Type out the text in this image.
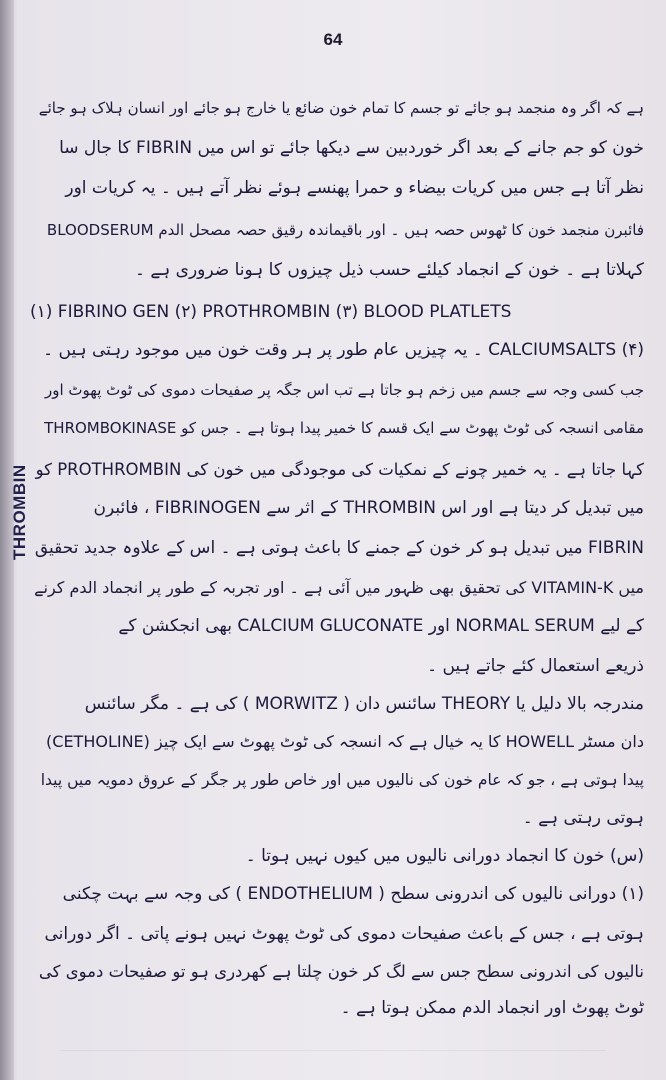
64
THROMBIN
ہے کہ اگر وہ منجمد ہو جائے تو جسم کا تمام خون ضائع یا خارج ہو جائے اور انسان ہلاک ہو جائے
خون کو جم جانے کے بعد اگر خوردبین سے دیکھا جائے تو اس میں FIBRIN کا جال سا
نظر آتا ہے جس میں کریات بیضاء و حمرا پھنسے ہوئے نظر آتے ہیں ۔ یہ کریات اور
فائبرن منجمد خون کا ٹھوس حصہ ہیں ۔ اور باقیماندہ رقیق حصہ مصحل الدم BLOODSERUM
کہلاتا ہے ۔ خون کے انجماد کیلئے حسب ذیل چیزوں کا ہونا ضروری ہے ۔
(۱) FIBRINO GEN (۲) PROTHROMBIN (۳) BLOOD PLATLETS
(۴) CALCIUMSALTS ۔ یہ چیزیں عام طور پر ہر وقت خون میں موجود رہتی ہیں ۔
جب کسی وجہ سے جسم میں زخم ہو جاتا ہے تب اس جگہ پر صفیحات دموی کی ٹوٹ پھوٹ اور
مقامی انسجہ کی ٹوٹ پھوٹ سے ایک قسم کا خمیر پیدا ہوتا ہے ۔ جس کو THROMBOKINASE
کہا جاتا ہے ۔ یہ خمیر چونے کے نمکیات کی موجودگی میں خون کی PROTHROMBIN کو
میں تبدیل کر دیتا ہے اور اس THROMBIN کے اثر سے FIBRINOGEN ، فائبرن
FIBRIN میں تبدیل ہو کر خون کے جمنے کا باعث ہوتی ہے ۔ اس کے علاوہ جدید تحقیق
میں VITAMIN-K کی تحقیق بھی ظہور میں آئی ہے ۔ اور تجربہ کے طور پر انجماد الدم کرنے
کے لیے NORMAL SERUM اور CALCIUM GLUCONATE بھی انجکشن کے
ذریعے استعمال کئے جاتے ہیں ۔
مندرجہ بالا دلیل یا THEORY سائنس دان ( MORWITZ ) کی ہے ۔ مگر سائنس
دان مسٹر HOWELL کا یہ خیال ہے کہ انسجہ کی ٹوٹ پھوٹ سے ایک چیز (CETHOLINE)
پیدا ہوتی ہے ، جو کہ عام خون کی نالیوں میں اور خاص طور پر جگر کے عروق دمویہ میں پیدا
ہوتی رہتی ہے ۔
(س) خون کا انجماد دورانی نالیوں میں کیوں نہیں ہوتا ۔
(۱) دورانی نالیوں کی اندرونی سطح ( ENDOTHELIUM ) کی وجہ سے بہت چکنی
ہوتی ہے ، جس کے باعث صفیحات دموی کی ٹوٹ پھوٹ نہیں ہونے پاتی ۔ اگر دورانی
نالیوں کی اندرونی سطح جس سے لگ کر خون چلتا ہے کھردری ہو تو صفیحات دموی کی
ٹوٹ پھوٹ اور انجماد الدم ممکن ہوتا ہے ۔
